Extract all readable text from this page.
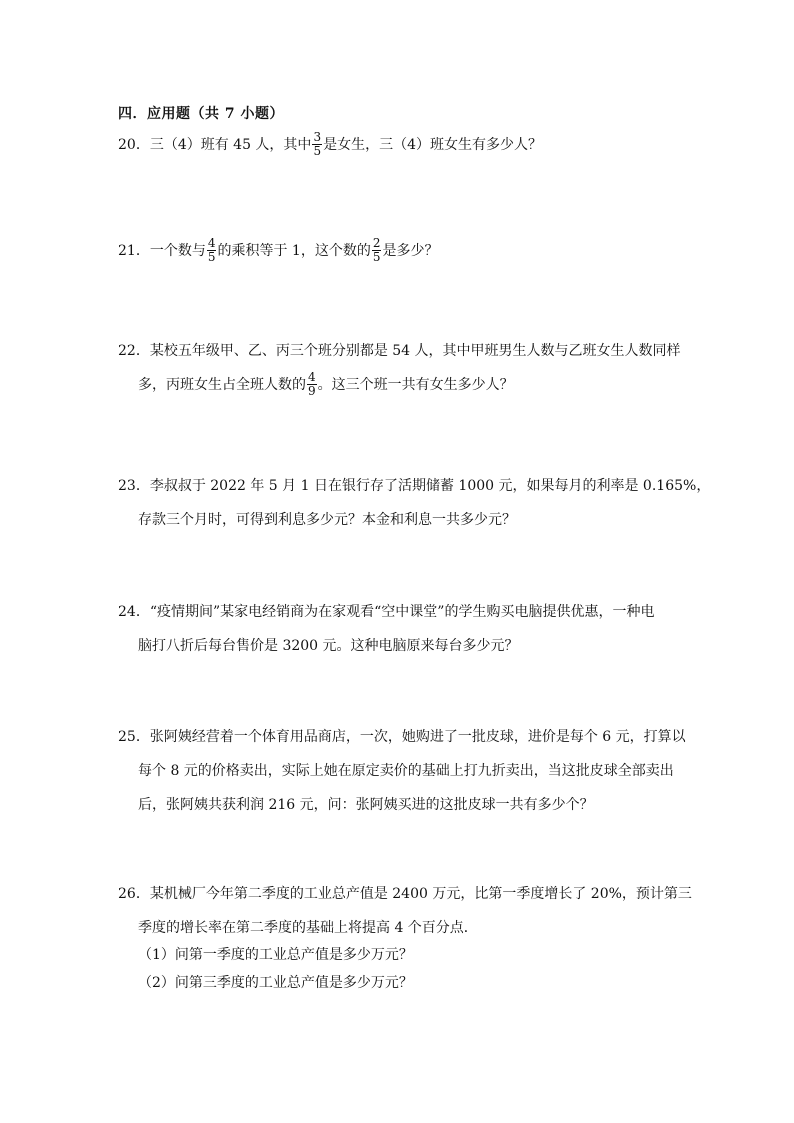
四．应用题（共 7 小题）
20．三（4）班有 45 人，其中 $\frac{3}{5}$ 是女生，三（4）班女生有多少人？
21．一个数与 $\frac{4}{5}$ 的乘积等于 1，这个数的 $\frac{2}{5}$ 是多少？
22．某校五年级甲、乙、丙三个班分别都是 54 人，其中甲班男生人数与乙班女生人数同样
多，丙班女生占全班人数的 $\frac{4}{9}$ 。这三个班一共有女生多少人？
23．李叔叔于 2022 年 5 月 1 日在银行存了活期储蓄 1000 元，如果每月的利率是 0.165%，
存款三个月时，可得到利息多少元？本金和利息一共多少元？
24．“疫情期间”某家电经销商为在家观看“空中课堂”的学生购买电脑提供优惠，一种电
脑打八折后每台售价是 3200 元。这种电脑原来每台多少元？
25．张阿姨经营着一个体育用品商店，一次，她购进了一批皮球，进价是每个 6 元，打算以
每个 8 元的价格卖出，实际上她在原定卖价的基础上打九折卖出，当这批皮球全部卖出
后，张阿姨共获利润 216 元，问：张阿姨买进的这批皮球一共有多少个？
26．某机械厂今年第二季度的工业总产值是 2400 万元，比第一季度增长了 20%，预计第三
季度的增长率在第二季度的基础上将提高 4 个百分点．
（1）问第一季度的工业总产值是多少万元？
（2）问第三季度的工业总产值是多少万元？
